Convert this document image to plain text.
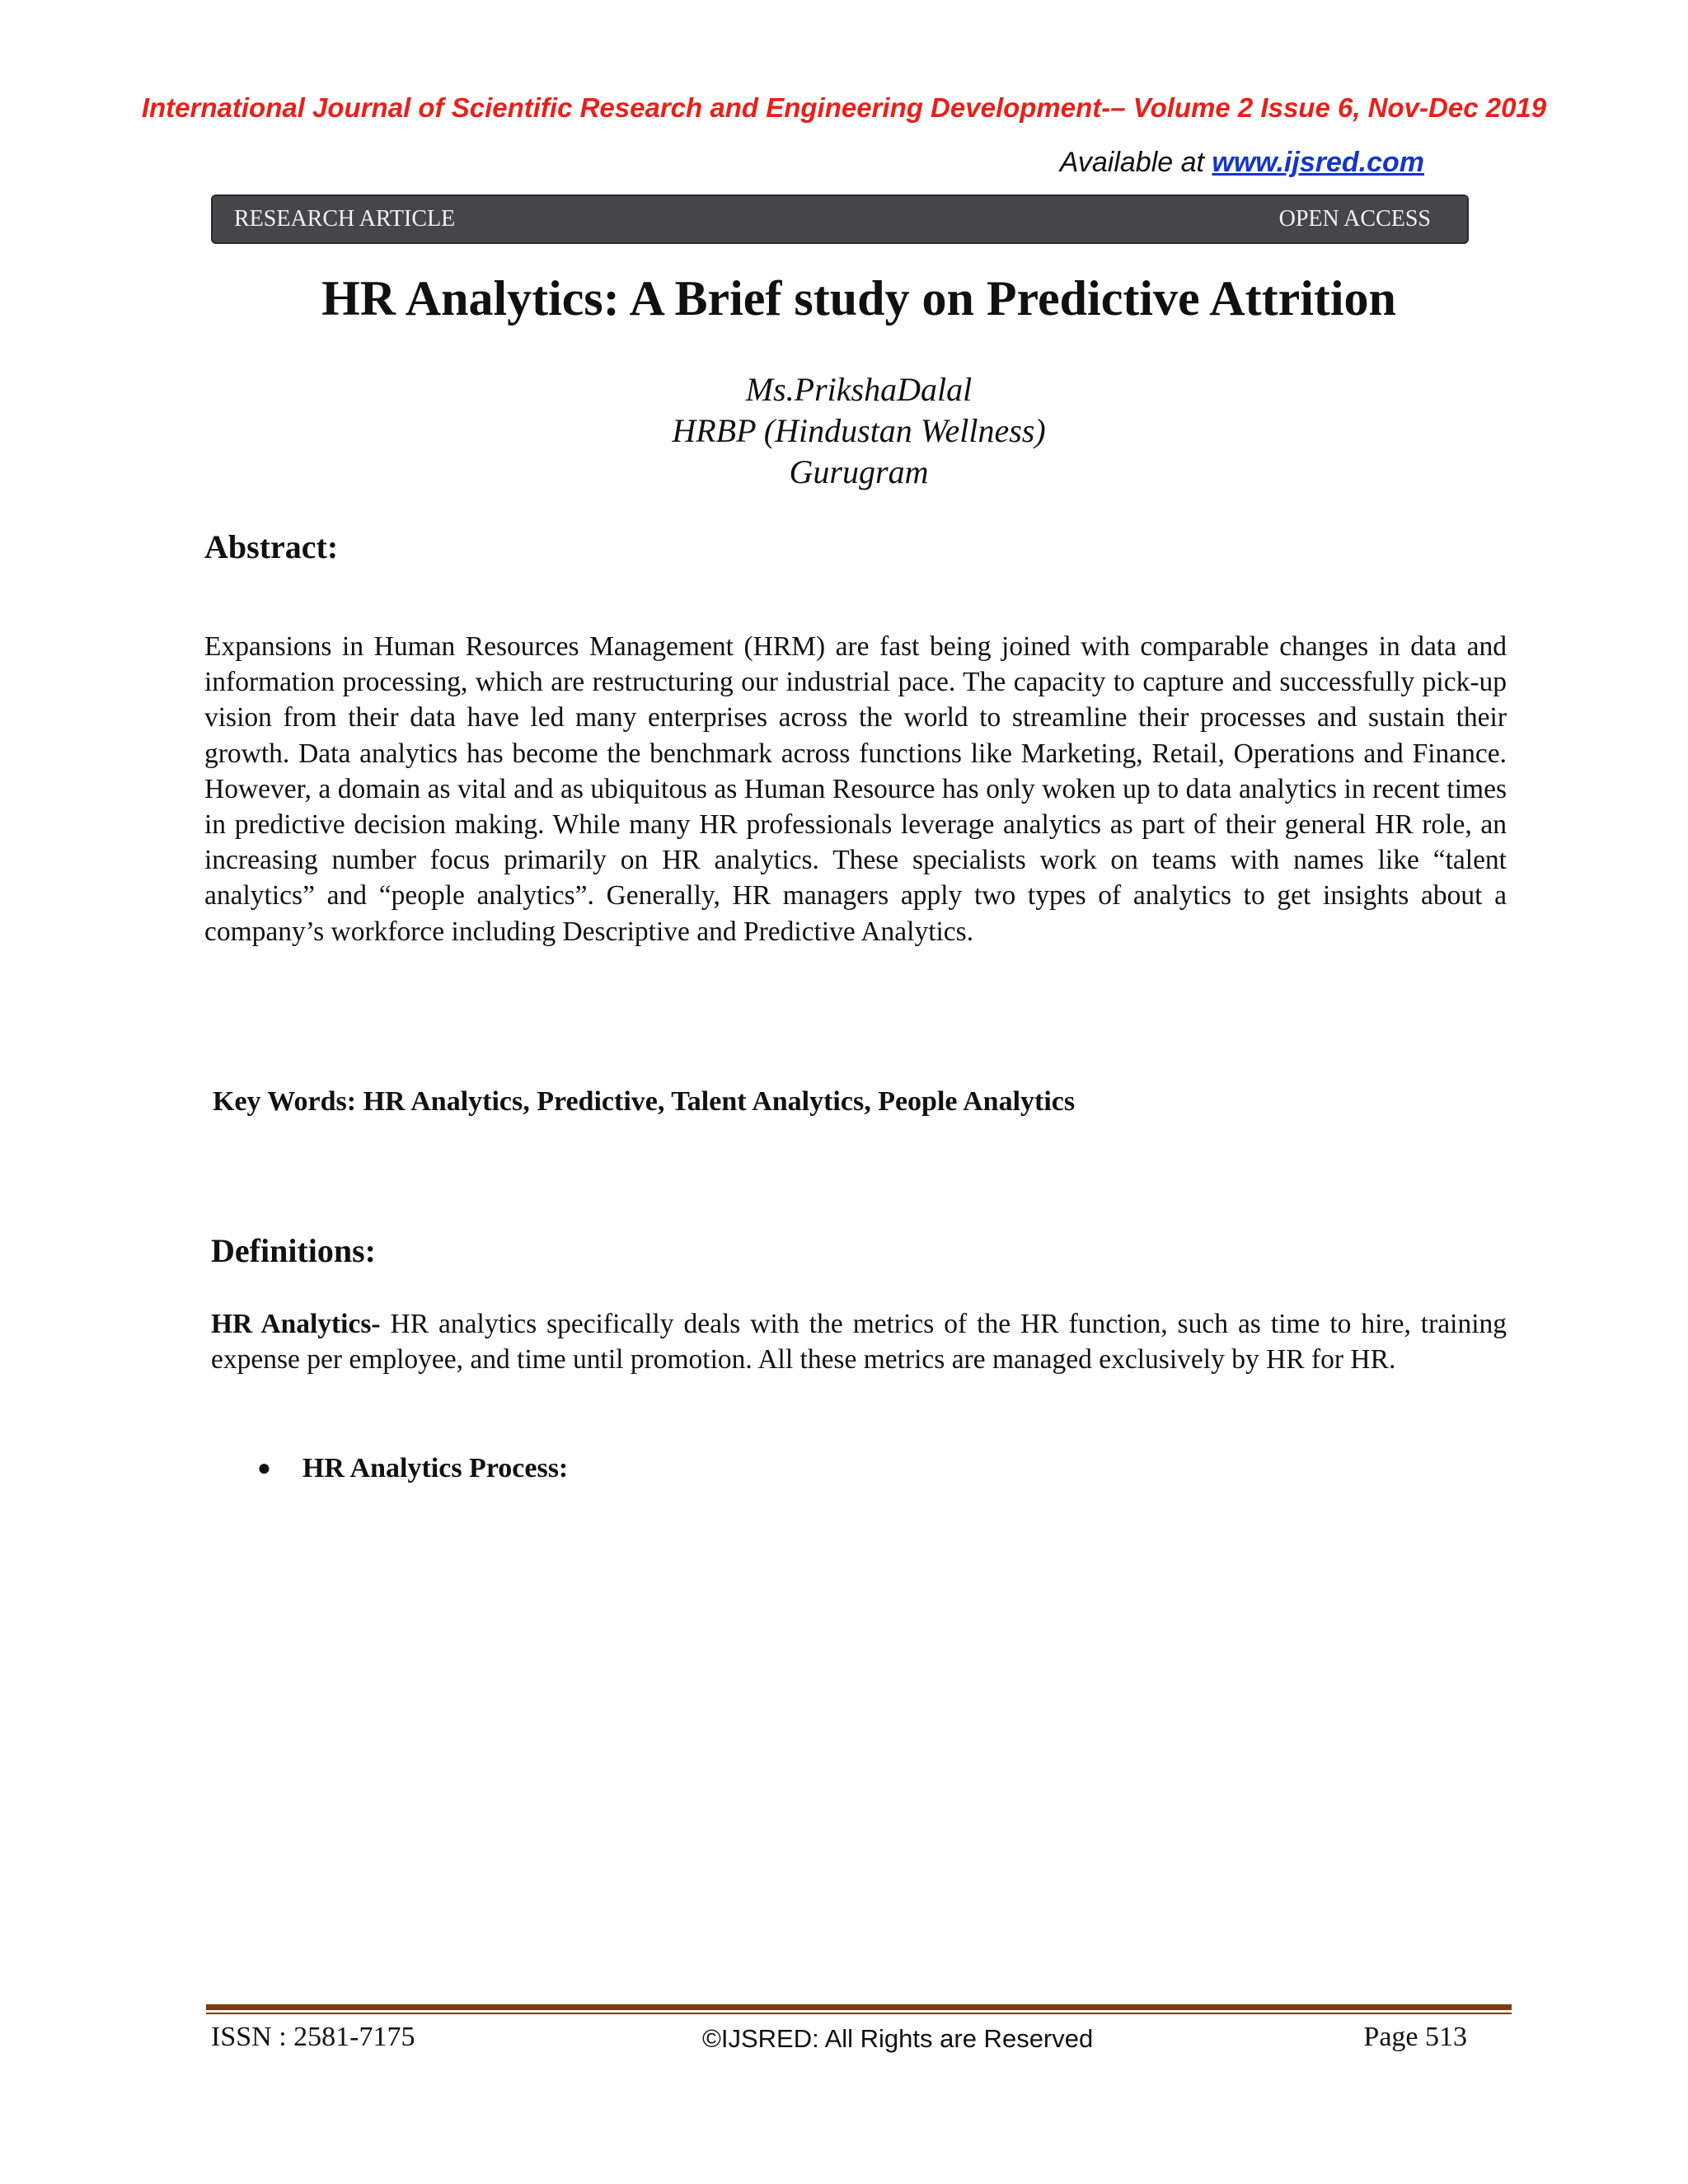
International Journal of Scientific Research and Engineering Development-– Volume 2 Issue 6, Nov-Dec 2019
Available at www.ijsred.com
RESEARCH ARTICLE	OPEN ACCESS
HR Analytics: A Brief study on Predictive Attrition
Ms.PrikshaDalal
HRBP (Hindustan Wellness)
Gurugram
Abstract:
Expansions in Human Resources Management (HRM) are fast being joined with comparable changes in data and information processing, which are restructuring our industrial pace. The capacity to capture and successfully pick-up vision from their data have led many enterprises across the world to streamline their processes and sustain their growth. Data analytics has become the benchmark across functions like Marketing, Retail, Operations and Finance. However, a domain as vital and as ubiquitous as Human Resource has only woken up to data analytics in recent times in predictive decision making. While many HR professionals leverage analytics as part of their general HR role, an increasing number focus primarily on HR analytics. These specialists work on teams with names like “talent analytics” and “people analytics”. Generally, HR managers apply two types of analytics to get insights about a company’s workforce including Descriptive and Predictive Analytics.
Key Words: HR Analytics, Predictive, Talent Analytics, People Analytics
Definitions:
HR Analytics- HR analytics specifically deals with the metrics of the HR function, such as time to hire, training expense per employee, and time until promotion. All these metrics are managed exclusively by HR for HR.
● HR Analytics Process:
ISSN : 2581-7175	©IJSRED: All Rights are Reserved	Page 513
